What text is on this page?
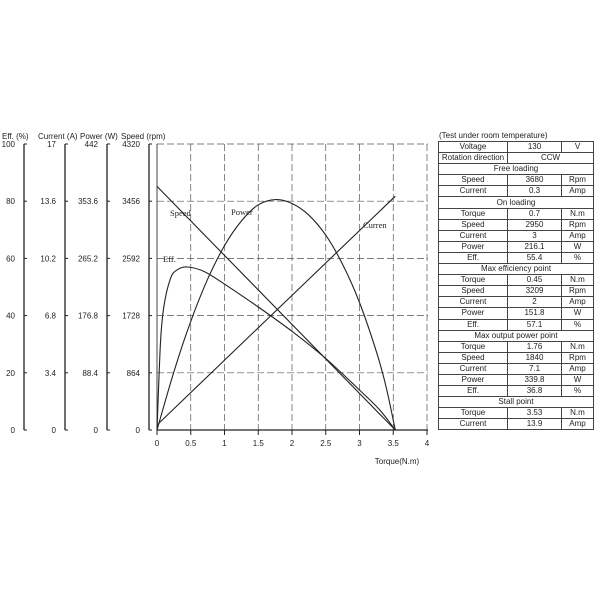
Eff. (%)
0
20
40
60
80
100
Current (A)
0
3.4
6.8
10.2
13.6
17
Power (W)
0
88.4
176.8
265.2
353.6
442
Speed (rpm)
0
864
1728
2592
3456
4320
Speed
Curren
Power
Eff.
0	0.5	1	1.5	2	2.5	3	3.5	4
Torque(N.m)
(Test under room temperature)
Voltage	130	V
Rotation direction	CCW	
Free loading		
Speed	3680	Rpm
Current	0.3	Amp
On loading		
Torque	0.7	N.m
Speed	2950	Rpm
Current	3	Amp
Power	216.1	W
Eff.	55.4	%
Max efficiency point		
Torque	0.45	N.m
Speed	3209	Rpm
Current	2	Amp
Power	151.8	W
Eff.	57.1	%
Max output power point		
Torque	1.76	N.m
Speed	1840	Rpm
Current	7.1	Amp
Power	339.8	W
Eff.	36.8	%
Stall point		
Torque	3.53	N.m
Current	13.9	Amp
